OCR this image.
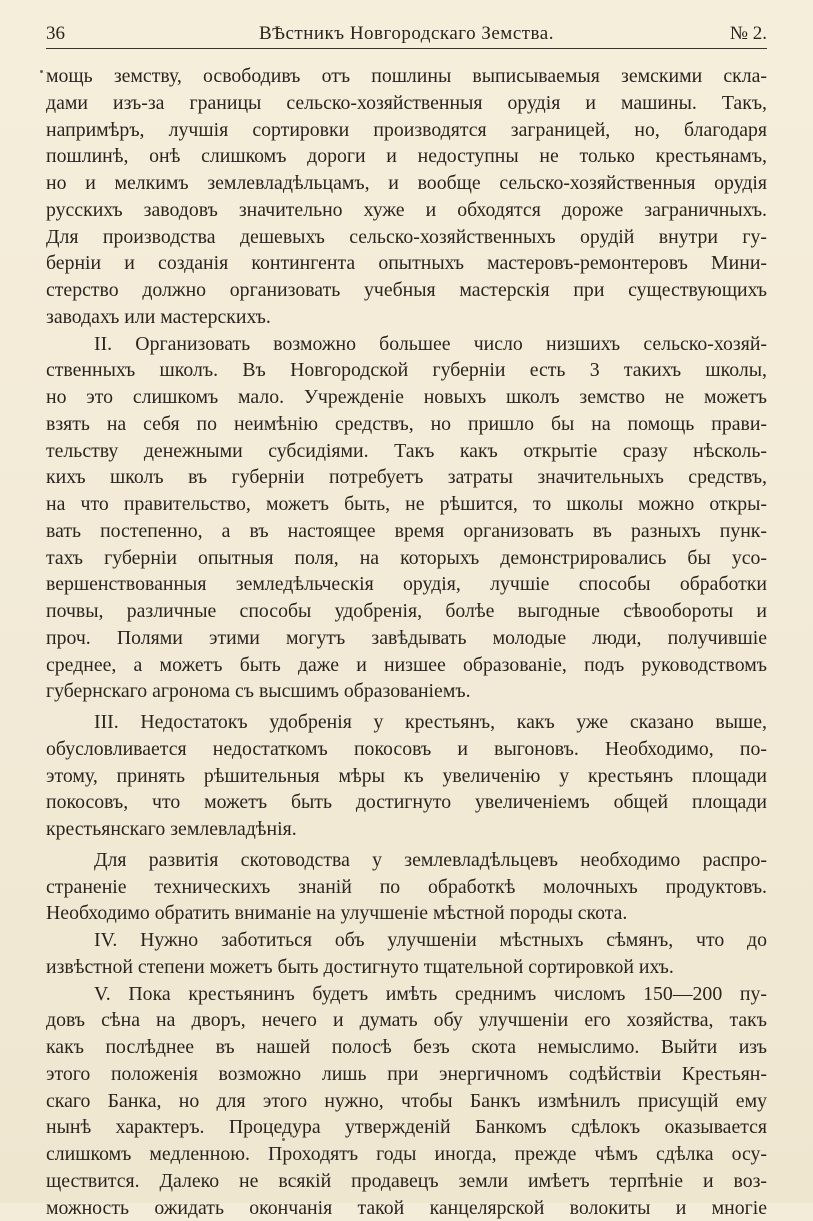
36	ВѢстникъ Новгородскаго Земства.	№ 2.

мощь земству, освободивъ отъ пошлины выписываемыя земскими скла-

дами изъ-за границы сельско-хозяйственныя орудія и машины. Такъ,

напримѣръ, лучшія сортировки производятся заграницей, но, благодаря

пошлинѣ, онѣ слишкомъ дороги и недоступны не только крестьянамъ,

но и мелкимъ землевладѣльцамъ, и вообще сельско-хозяйственныя орудія

русскихъ заводовъ значительно хуже и обходятся дороже заграничныхъ.

Для производства дешевыхъ сельско-хозяйственныхъ орудій внутри гу-

берніи и созданія контингента опытныхъ мастеровъ-ремонтеровъ Мини-

стерство должно организовать учебныя мастерскія при существующихъ

заводахъ или мастерскихъ.

II. Организовать возможно большее число низшихъ сельско-хозяй-

ственныхъ школъ. Въ Новгородской губерніи есть 3 такихъ школы,

но это слишкомъ мало. Учрежденіе новыхъ школъ земство не можетъ

взять на себя по неимѣнію средствъ, но пришло бы на помощь прави-

тельству денежными субсидіями. Такъ какъ открытіе сразу нѣсколь-

кихъ школъ въ губерніи потребуетъ затраты значительныхъ средствъ,

на что правительство, можетъ быть, не рѣшится, то школы можно откры-

вать постепенно, а въ настоящее время организовать въ разныхъ пунк-

тахъ губерніи опытныя поля, на которыхъ демонстрировались бы усо-

вершенствованныя земледѣльческія орудія, лучшіе способы обработки

почвы, различные способы удобренія, болѣе выгодные сѣвообороты и

проч. Полями этими могутъ завѣдывать молодые люди, получившіе

среднее, а можетъ быть даже и низшее образованіе, подъ руководствомъ

губернскаго агронома съ высшимъ образованіемъ.

III. Недостатокъ удобренія у крестьянъ, какъ уже сказано выше,

обусловливается недостаткомъ покосовъ и выгоновъ. Необходимо, по-

этому, принять рѣшительныя мѣры къ увеличенію у крестьянъ площади

покосовъ, что можетъ быть достигнуто увеличеніемъ общей площади

крестьянскаго землевладѣнія.

Для развитія скотоводства у землевладѣльцевъ необходимо распро-

страненіе техническихъ знаній по обработкѣ молочныхъ продуктовъ.

Необходимо обратить вниманіе на улучшеніе мѣстной породы скота.

IV. Нужно заботиться объ улучшеніи мѣстныхъ сѣмянъ, что до

извѣстной степени можетъ быть достигнуто тщательной сортировкой ихъ.

V. Пока крестьянинъ будетъ имѣть среднимъ числомъ 150—200 пу-

довъ сѣна на дворъ, нечего и думать обу улучшеніи его хозяйства, такъ

какъ послѣднее въ нашей полосѣ безъ скота немыслимо. Выйти изъ

этого положенія возможно лишь при энергичномъ содѣйствіи Крестьян-

скаго Банка, но для этого нужно, чтобы Банкъ измѣнилъ присущій ему

нынѣ характеръ. Процедура утвержденій Банкомъ сдѣлокъ оказывается

слишкомъ медленною. Проходятъ годы иногда, прежде чѣмъ сдѣлка осу-

ществится. Далеко не всякій продавецъ земли имѣетъ терпѣніе и воз-

можность ожидать окончанія такой канцелярской волокиты и многіе
